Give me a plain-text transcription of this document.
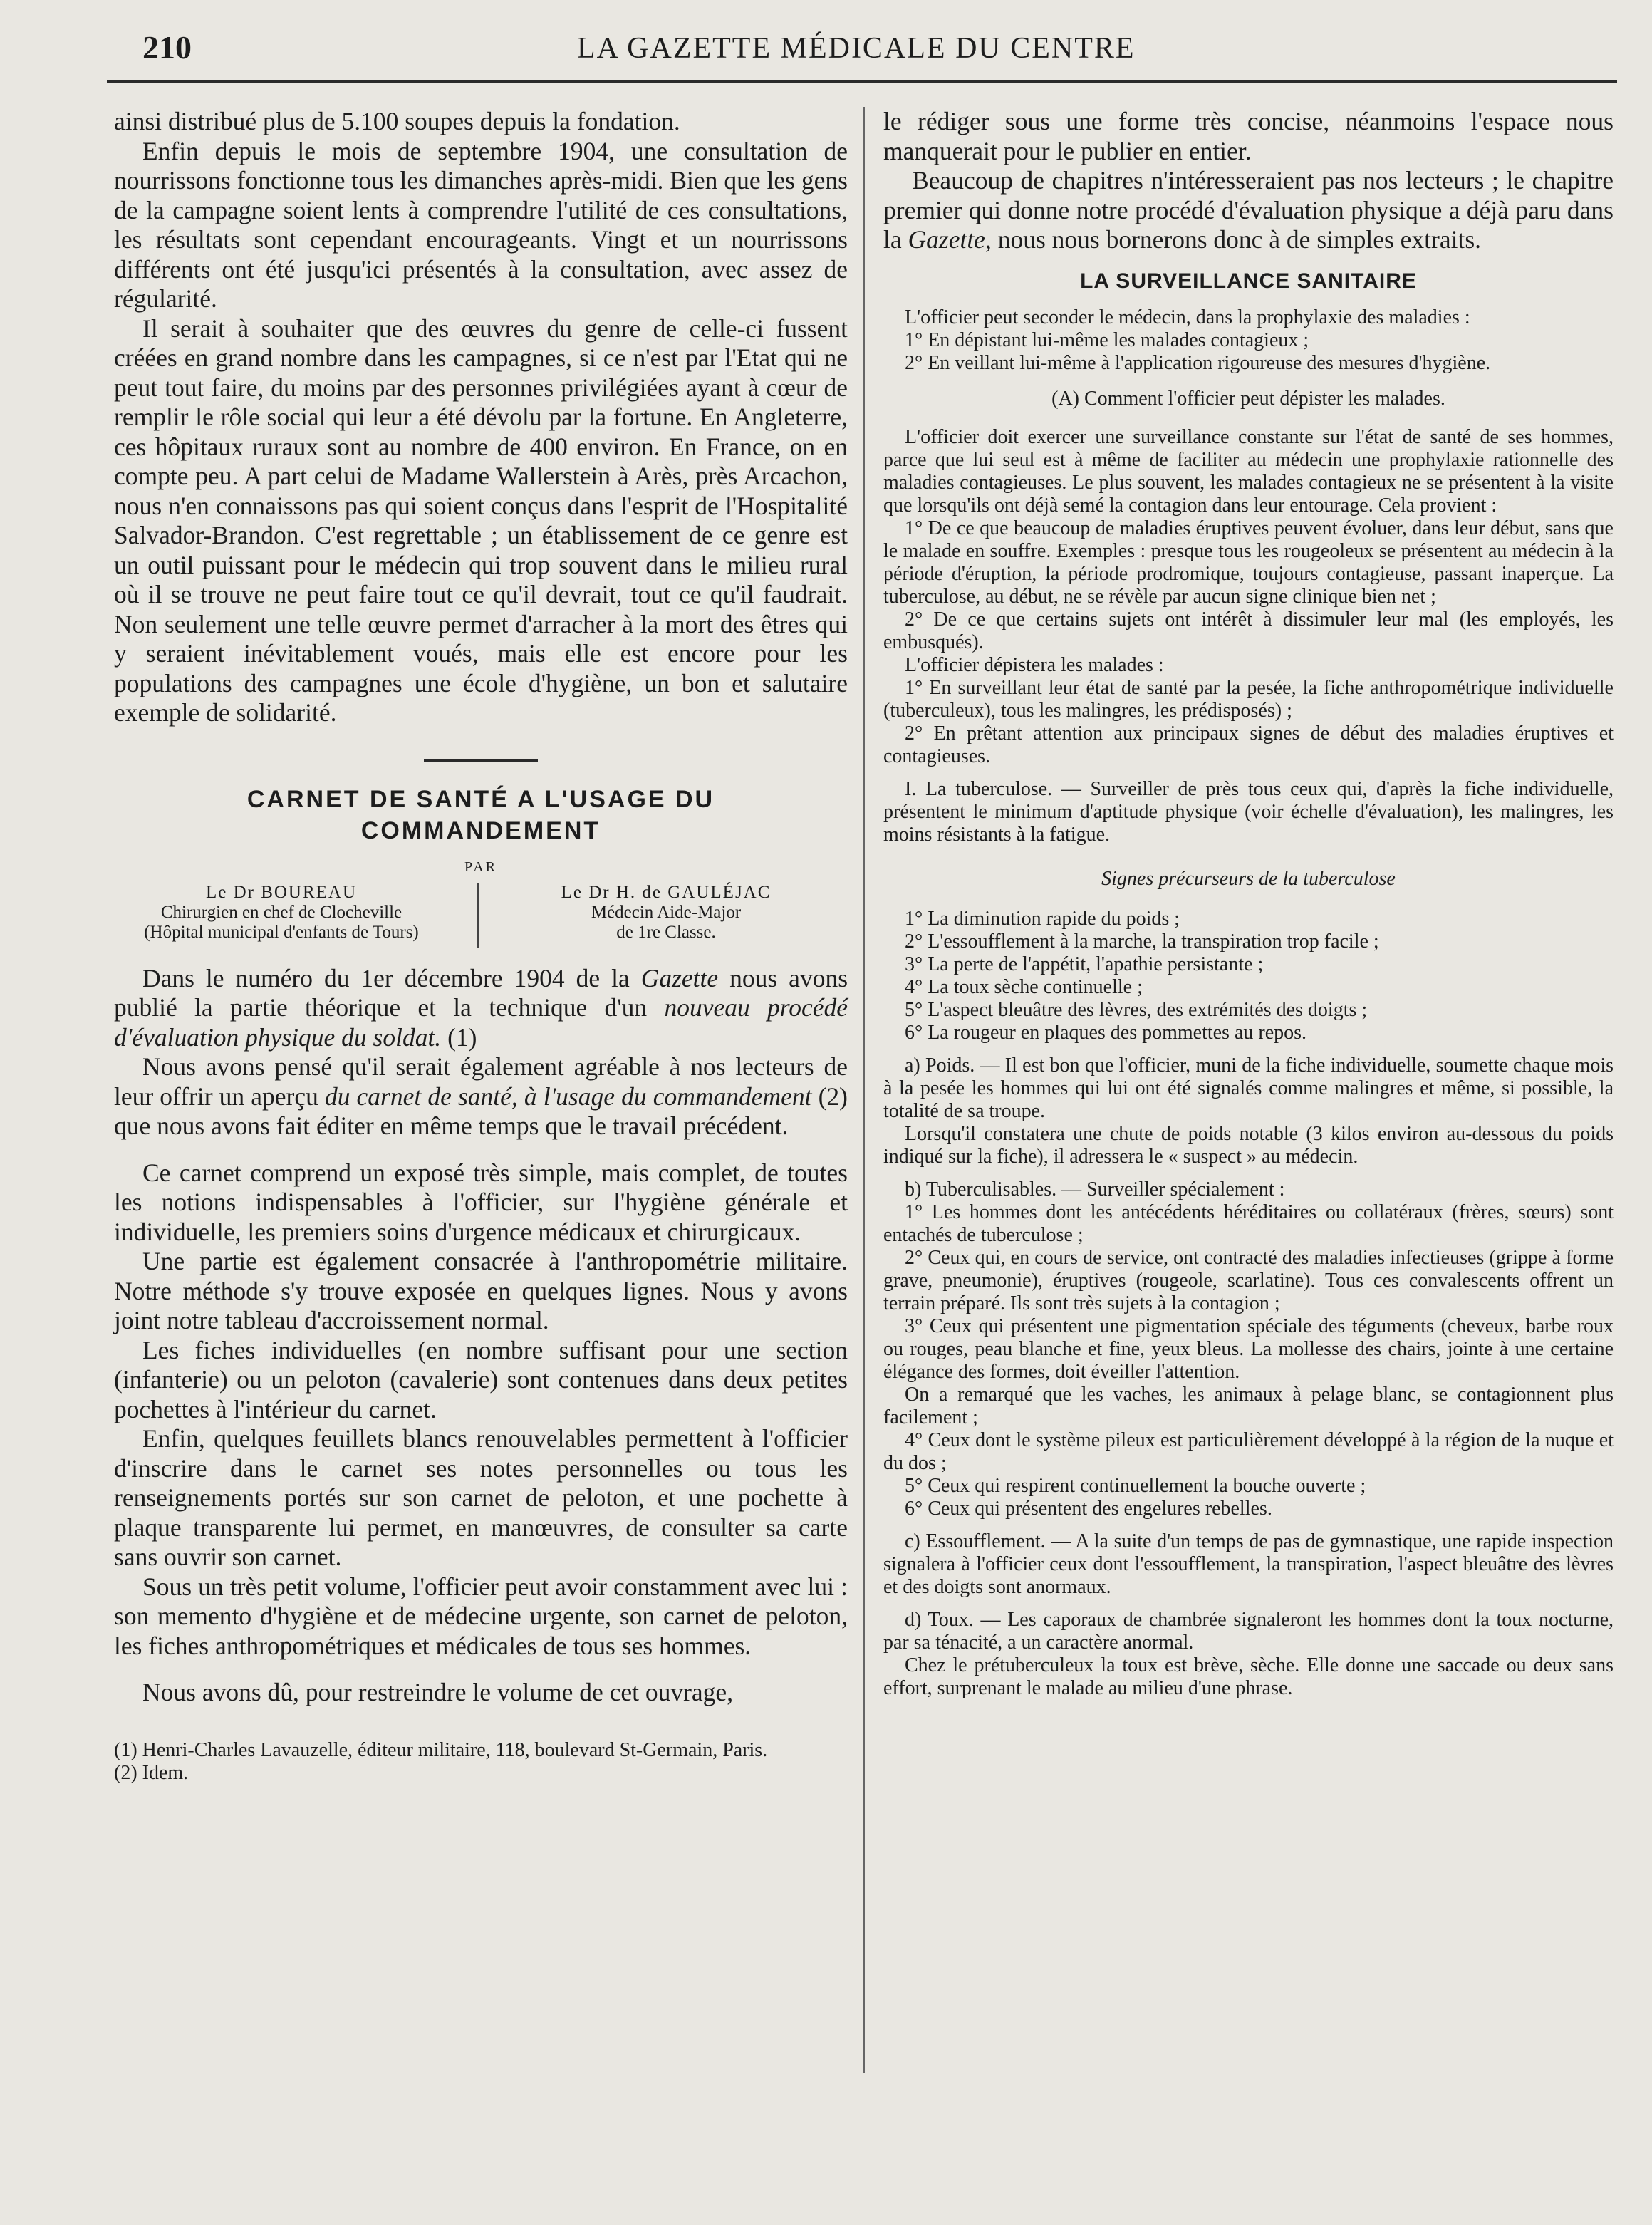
210	LA GAZETTE MÉDICALE DU CENTRE

ainsi distribué plus de 5.100 soupes depuis la fondation.

Enfin depuis le mois de septembre 1904, une consultation de nourrissons fonctionne tous les dimanches après-midi. Bien que les gens de la campagne soient lents à comprendre l'utilité de ces consultations, les résultats sont cependant encourageants. Vingt et un nourrissons différents ont été jusqu'ici présentés à la consultation, avec assez de régularité.

Il serait à souhaiter que des œuvres du genre de celle-ci fussent créées en grand nombre dans les campagnes, si ce n'est par l'Etat qui ne peut tout faire, du moins par des personnes privilégiées ayant à cœur de remplir le rôle social qui leur a été dévolu par la fortune. En Angleterre, ces hôpitaux ruraux sont au nombre de 400 environ. En France, on en compte peu. A part celui de Madame Wallerstein à Arès, près Arcachon, nous n'en connaissons pas qui soient conçus dans l'esprit de l'Hospitalité Salvador-Brandon. C'est regrettable ; un établissement de ce genre est un outil puissant pour le médecin qui trop souvent dans le milieu rural où il se trouve ne peut faire tout ce qu'il devrait, tout ce qu'il faudrait. Non seulement une telle œuvre permet d'arracher à la mort des êtres qui y seraient inévitablement voués, mais elle est encore pour les populations des campagnes une école d'hygiène, un bon et salutaire exemple de solidarité.

CARNET DE SANTÉ A L'USAGE DU
COMMANDEMENT

PAR

Le Dr BOUREAU
Chirurgien en chef de Clocheville
(Hôpital municipal d'enfants de Tours)
Le Dr H. de GAULÉJAC
Médecin Aide-Major
de 1re Classe.

Dans le numéro du 1er décembre 1904 de la Gazette nous avons publié la partie théorique et la technique d'un nouveau procédé d'évaluation physique du soldat. (1)

Nous avons pensé qu'il serait également agréable à nos lecteurs de leur offrir un aperçu du carnet de santé, à l'usage du commandement (2) que nous avons fait éditer en même temps que le travail précédent.

Ce carnet comprend un exposé très simple, mais complet, de toutes les notions indispensables à l'officier, sur l'hygiène générale et individuelle, les premiers soins d'urgence médicaux et chirurgicaux.

Une partie est également consacrée à l'anthropométrie militaire. Notre méthode s'y trouve exposée en quelques lignes. Nous y avons joint notre tableau d'accroissement normal.

Les fiches individuelles (en nombre suffisant pour une section (infanterie) ou un peloton (cavalerie) sont contenues dans deux petites pochettes à l'intérieur du carnet.

Enfin, quelques feuillets blancs renouvelables permettent à l'officier d'inscrire dans le carnet ses notes personnelles ou tous les renseignements portés sur son carnet de peloton, et une pochette à plaque transparente lui permet, en manœuvres, de consulter sa carte sans ouvrir son carnet.

Sous un très petit volume, l'officier peut avoir constamment avec lui : son memento d'hygiène et de médecine urgente, son carnet de peloton, les fiches anthropométriques et médicales de tous ses hommes.

Nous avons dû, pour restreindre le volume de cet ouvrage,

(1) Henri-Charles Lavauzelle, éditeur militaire, 118, boulevard St-Germain, Paris.

(2) Idem.

le rédiger sous une forme très concise, néanmoins l'espace nous manquerait pour le publier en entier.

Beaucoup de chapitres n'intéresseraient pas nos lecteurs ; le chapitre premier qui donne notre procédé d'évaluation physique a déjà paru dans la Gazette, nous nous bornerons donc à de simples extraits.

LA SURVEILLANCE SANITAIRE

L'officier peut seconder le médecin, dans la prophylaxie des maladies :

1° En dépistant lui-même les malades contagieux ;

2° En veillant lui-même à l'application rigoureuse des mesures d'hygiène.

(A) Comment l'officier peut dépister les malades.

L'officier doit exercer une surveillance constante sur l'état de santé de ses hommes, parce que lui seul est à même de faciliter au médecin une prophylaxie rationnelle des maladies contagieuses. Le plus souvent, les malades contagieux ne se présentent à la visite que lorsqu'ils ont déjà semé la contagion dans leur entourage. Cela provient :

1° De ce que beaucoup de maladies éruptives peuvent évoluer, dans leur début, sans que le malade en souffre. Exemples : presque tous les rougeoleux se présentent au médecin à la période d'éruption, la période prodromique, toujours contagieuse, passant inaperçue. La tuberculose, au début, ne se révèle par aucun signe clinique bien net ;

2° De ce que certains sujets ont intérêt à dissimuler leur mal (les employés, les embusqués).

L'officier dépistera les malades :

1° En surveillant leur état de santé par la pesée, la fiche anthropométrique individuelle (tuberculeux), tous les malingres, les prédisposés) ;

2° En prêtant attention aux principaux signes de début des maladies éruptives et contagieuses.

I. La tuberculose. — Surveiller de près tous ceux qui, d'après la fiche individuelle, présentent le minimum d'aptitude physique (voir échelle d'évaluation), les malingres, les moins résistants à la fatigue.

Signes précurseurs de la tuberculose

1° La diminution rapide du poids ;

2° L'essoufflement à la marche, la transpiration trop facile ;

3° La perte de l'appétit, l'apathie persistante ;

4° La toux sèche continuelle ;

5° L'aspect bleuâtre des lèvres, des extrémités des doigts ;

6° La rougeur en plaques des pommettes au repos.

a) Poids. — Il est bon que l'officier, muni de la fiche individuelle, soumette chaque mois à la pesée les hommes qui lui ont été signalés comme malingres et même, si possible, la totalité de sa troupe.

Lorsqu'il constatera une chute de poids notable (3 kilos environ au-dessous du poids indiqué sur la fiche), il adressera le « suspect » au médecin.

b) Tuberculisables. — Surveiller spécialement :

1° Les hommes dont les antécédents héréditaires ou collatéraux (frères, sœurs) sont entachés de tuberculose ;

2° Ceux qui, en cours de service, ont contracté des maladies infectieuses (grippe à forme grave, pneumonie), éruptives (rougeole, scarlatine). Tous ces convalescents offrent un terrain préparé. Ils sont très sujets à la contagion ;

3° Ceux qui présentent une pigmentation spéciale des téguments (cheveux, barbe roux ou rouges, peau blanche et fine, yeux bleus. La mollesse des chairs, jointe à une certaine élégance des formes, doit éveiller l'attention.

On a remarqué que les vaches, les animaux à pelage blanc, se contagionnent plus facilement ;

4° Ceux dont le système pileux est particulièrement développé à la région de la nuque et du dos ;

5° Ceux qui respirent continuellement la bouche ouverte ;

6° Ceux qui présentent des engelures rebelles.

c) Essoufflement. — A la suite d'un temps de pas de gymnastique, une rapide inspection signalera à l'officier ceux dont l'essoufflement, la transpiration, l'aspect bleuâtre des lèvres et des doigts sont anormaux.

d) Toux. — Les caporaux de chambrée signaleront les hommes dont la toux nocturne, par sa ténacité, a un caractère anormal.

Chez le prétuberculeux la toux est brève, sèche. Elle donne une saccade ou deux sans effort, surprenant le malade au milieu d'une phrase.
